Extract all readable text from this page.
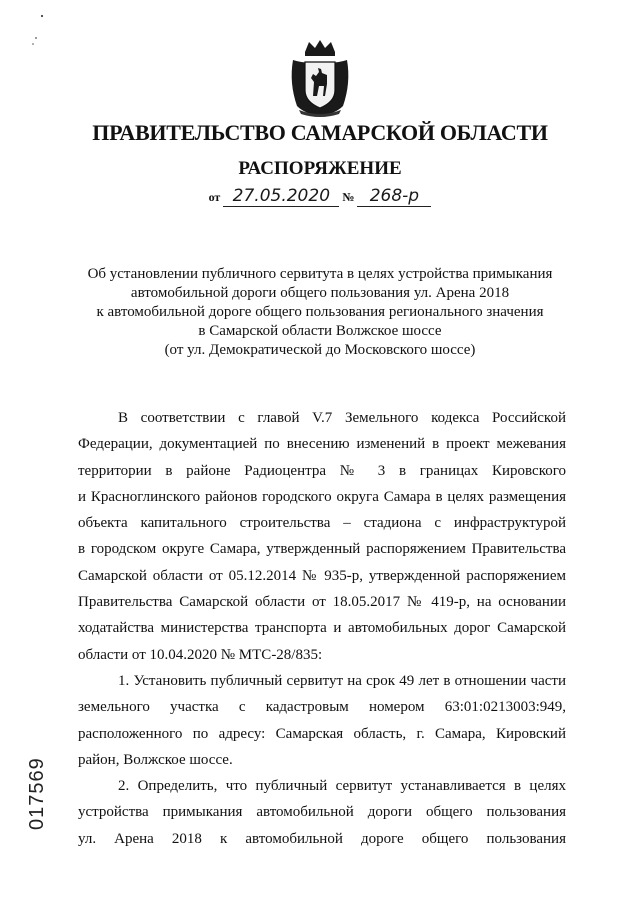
ПРАВИТЕЛЬСТВО САМАРСКОЙ ОБЛАСТИ
РАСПОРЯЖЕНИЕ
от 27.05.2020 № 268-р
Об установлении публичного сервитута в целях устройства примыкания
автомобильной дороги общего пользования ул. Арена 2018
к автомобильной дороге общего пользования регионального значения
в Самарской области Волжское шоссе
(от ул. Демократической до Московского шоссе)
В соответствии с главой V.7 Земельного кодекса Российской
Федерации, документацией по внесению изменений в проект межевания
территории в районе Радиоцентра № 3 в границах Кировского
и Красноглинского районов городского округа Самара в целях размещения
объекта капитального строительства – стадиона с инфраструктурой
в городском округе Самара, утвержденный распоряжением Правительства
Самарской области от 05.12.2014 № 935-р, утвержденной распоряжением
Правительства Самарской области от 18.05.2017 № 419-р, на основании
ходатайства министерства транспорта и автомобильных дорог Самарской
области от 10.04.2020 № МТС-28/835:
1. Установить публичный сервитут на срок 49 лет в отношении части
земельного участка с кадастровым номером 63:01:0213003:949,
расположенного по адресу: Самарская область, г. Самара, Кировский
район, Волжское шоссе.
2. Определить, что публичный сервитут устанавливается в целях
устройства примыкания автомобильной дороги общего пользования
ул. Арена 2018 к автомобильной дороге общего пользования
017569
